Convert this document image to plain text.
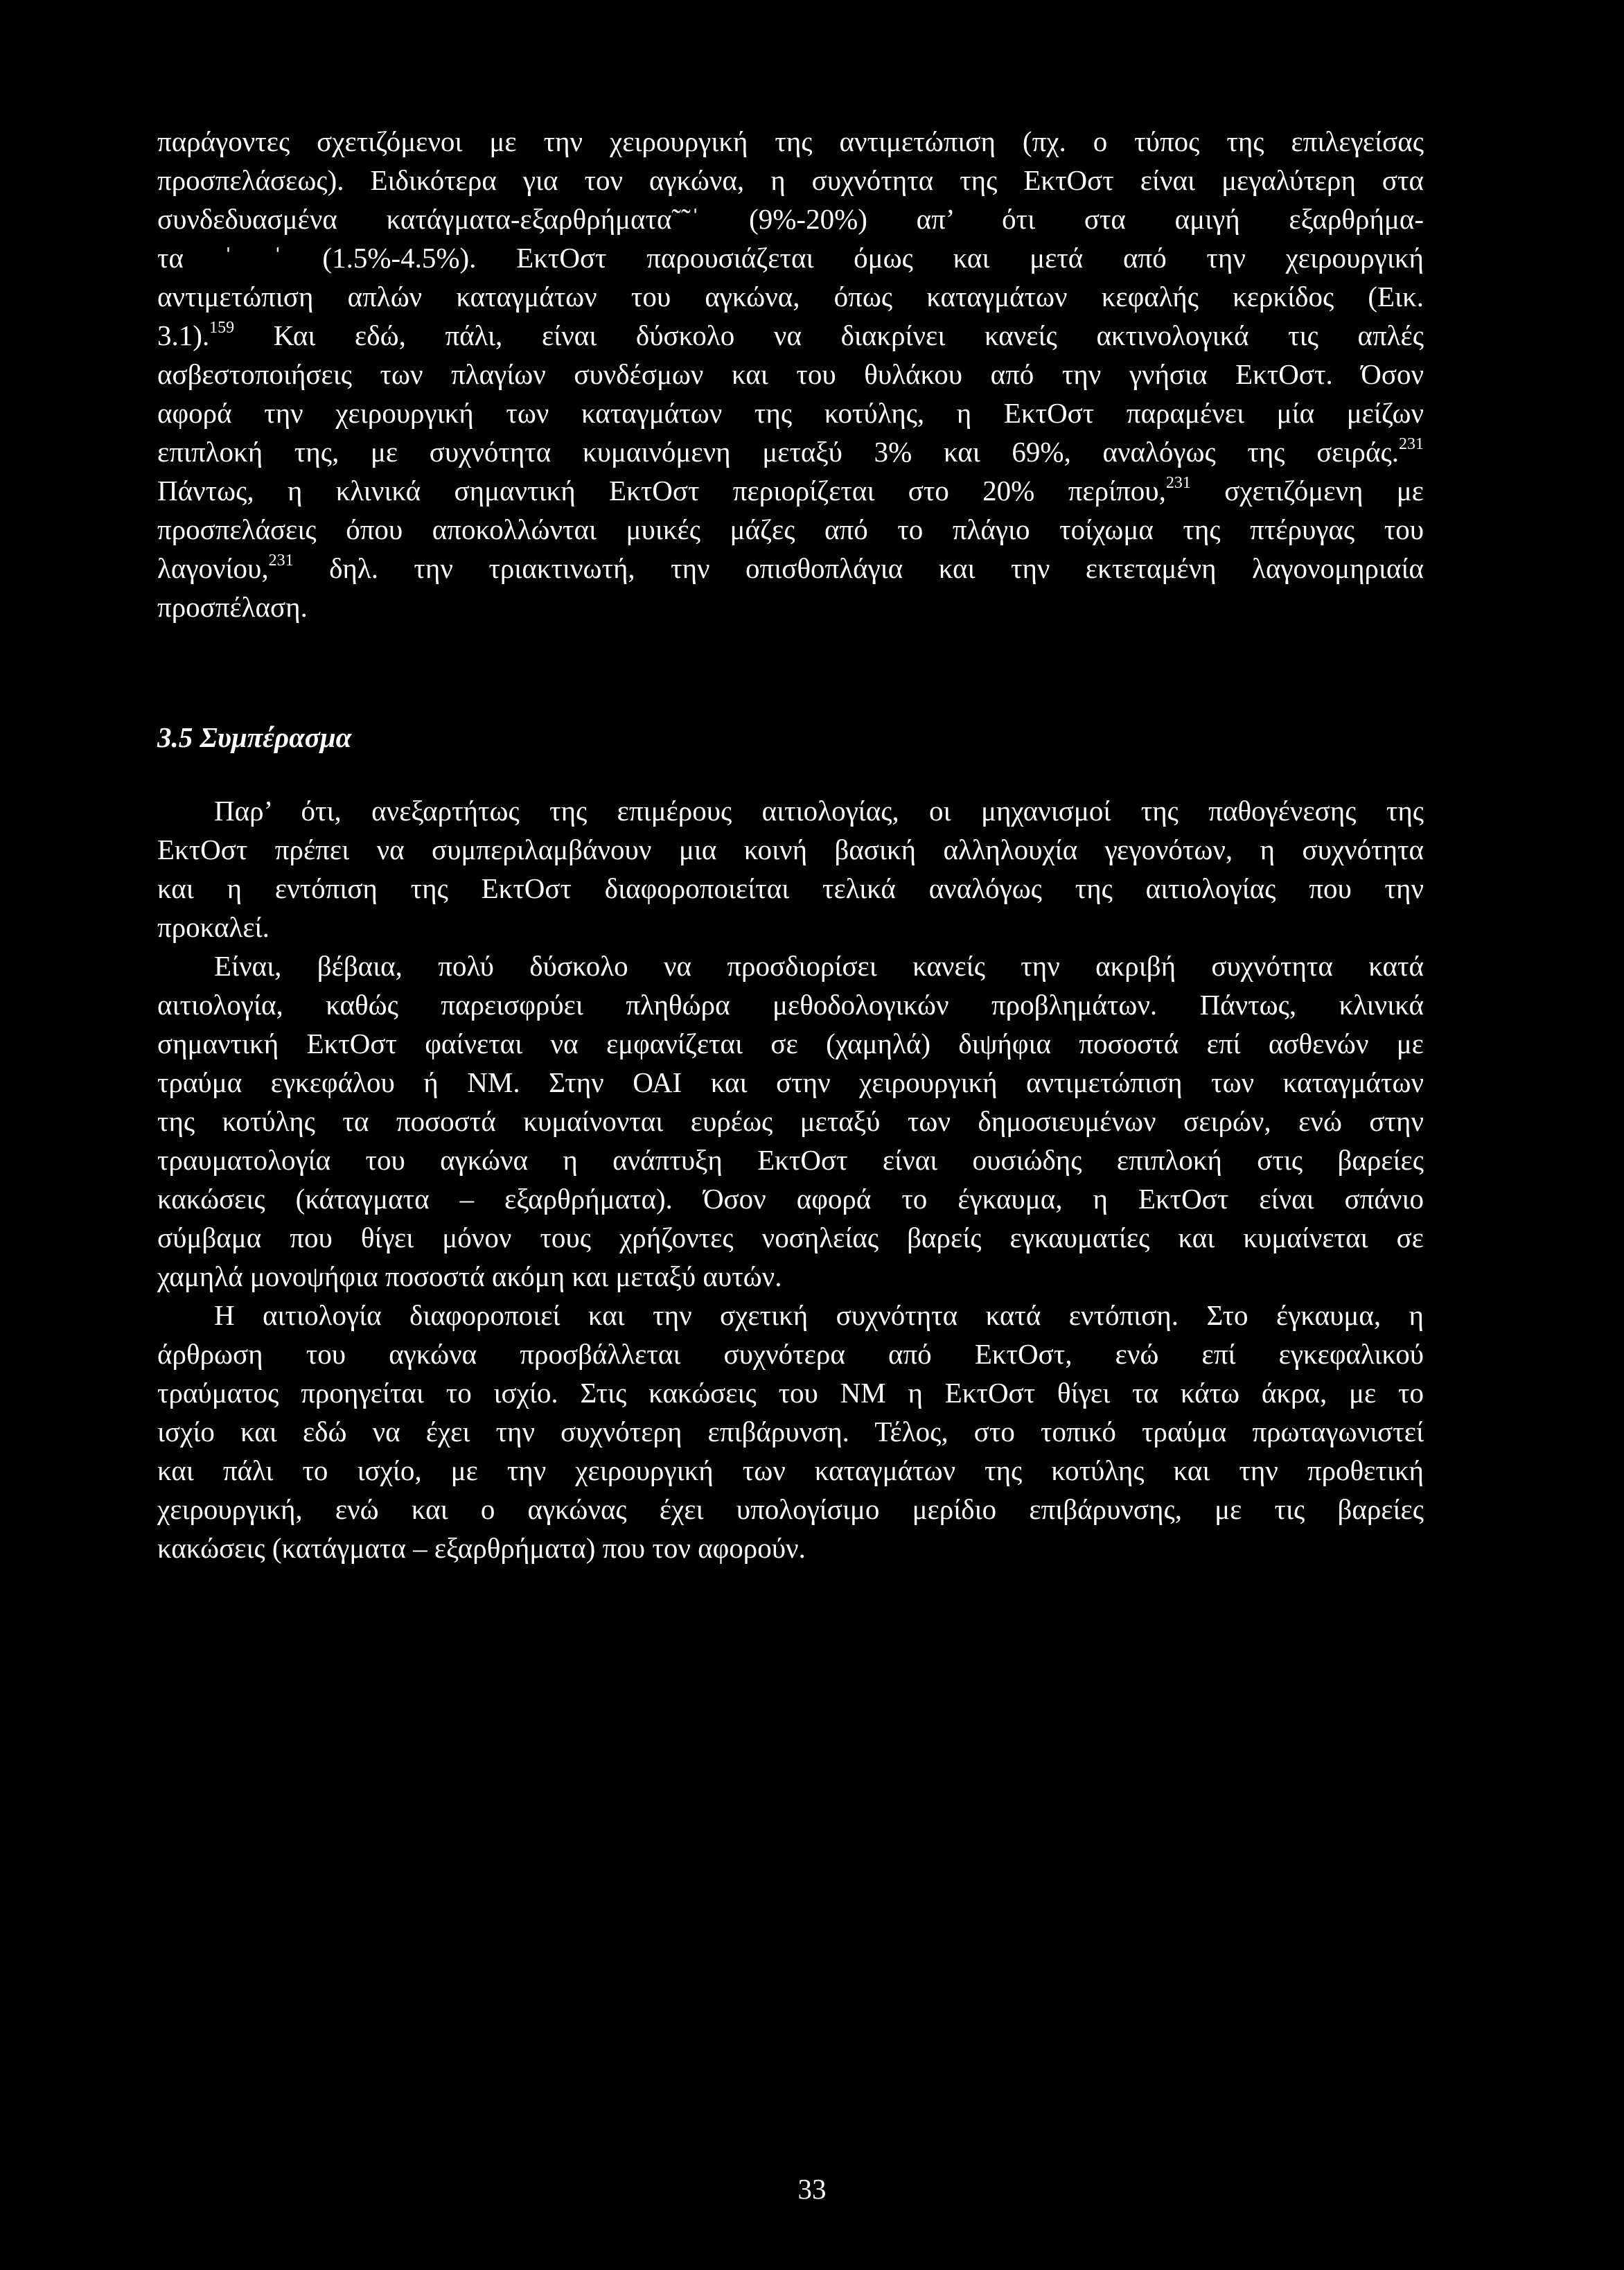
παράγοντες σχετιζόμενοι με την χειρουργική της αντιμετώπιση (πχ. ο τύπος της επιλεγείσας
προσπελάσεως). Ειδικότερα για τον αγκώνα, η συχνότητα της ΕκτΟστ είναι μεγαλύτερη στα
συνδεδυασμένα κατάγματα-εξαρθρήματα˜˜ˈ (9%-20%) απ’ ότι στα αμιγή εξαρθρήμα-
τα ˈ ˈ (1.5%-4.5%). ΕκτΟστ παρουσιάζεται όμως και μετά από την χειρουργική
αντιμετώπιση απλών καταγμάτων του αγκώνα, όπως καταγμάτων κεφαλής κερκίδος (Εικ.
3.1).$^{159}$ Και εδώ, πάλι, είναι δύσκολο να διακρίνει κανείς ακτινολογικά τις απλές
ασβεστοποιήσεις των πλαγίων συνδέσμων και του θυλάκου από την γνήσια ΕκτΟστ. Όσον
αφορά την χειρουργική των καταγμάτων της κοτύλης, η ΕκτΟστ παραμένει μία μείζων
επιπλοκή της, με συχνότητα κυμαινόμενη μεταξύ 3% και 69%, αναλόγως της σειράς.$^{231}$
Πάντως, η κλινικά σημαντική ΕκτΟστ περιορίζεται στο 20% περίπου,$^{231}$ σχετιζόμενη με
προσπελάσεις όπου αποκολλώνται μυικές μάζες από το πλάγιο τοίχωμα της πτέρυγας του
λαγονίου,$^{231}$ δηλ. την τριακτινωτή, την οπισθοπλάγια και την εκτεταμένη λαγονομηριαία
προσπέλαση.
3.5 Συμπέρασμα
Παρ’ ότι, ανεξαρτήτως της επιμέρους αιτιολογίας, οι μηχανισμοί της παθογένεσης της
ΕκτΟστ πρέπει να συμπεριλαμβάνουν μια κοινή βασική αλληλουχία γεγονότων, η συχνότητα
και η εντόπιση της ΕκτΟστ διαφοροποιείται τελικά αναλόγως της αιτιολογίας που την
προκαλεί.
Είναι, βέβαια, πολύ δύσκολο να προσδιορίσει κανείς την ακριβή συχνότητα κατά
αιτιολογία, καθώς παρεισφρύει πληθώρα μεθοδολογικών προβλημάτων. Πάντως, κλινικά
σημαντική ΕκτΟστ φαίνεται να εμφανίζεται σε (χαμηλά) διψήφια ποσοστά επί ασθενών με
τραύμα εγκεφάλου ή ΝΜ. Στην ΟΑΙ και στην χειρουργική αντιμετώπιση των καταγμάτων
της κοτύλης τα ποσοστά κυμαίνονται ευρέως μεταξύ των δημοσιευμένων σειρών, ενώ στην
τραυματολογία του αγκώνα η ανάπτυξη ΕκτΟστ είναι ουσιώδης επιπλοκή στις βαρείες
κακώσεις (κάταγματα – εξαρθρήματα). Όσον αφορά το έγκαυμα, η ΕκτΟστ είναι σπάνιο
σύμβαμα που θίγει μόνον τους χρήζοντες νοσηλείας βαρείς εγκαυματίες και κυμαίνεται σε
χαμηλά μονοψήφια ποσοστά ακόμη και μεταξύ αυτών.
Η αιτιολογία διαφοροποιεί και την σχετική συχνότητα κατά εντόπιση. Στο έγκαυμα, η
άρθρωση του αγκώνα προσβάλλεται συχνότερα από ΕκτΟστ, ενώ επί εγκεφαλικού
τραύματος προηγείται το ισχίο. Στις κακώσεις του ΝΜ η ΕκτΟστ θίγει τα κάτω άκρα, με το
ισχίο και εδώ να έχει την συχνότερη επιβάρυνση. Τέλος, στο τοπικό τραύμα πρωταγωνιστεί
και πάλι το ισχίο, με την χειρουργική των καταγμάτων της κοτύλης και την προθετική
χειρουργική, ενώ και ο αγκώνας έχει υπολογίσιμο μερίδιο επιβάρυνσης, με τις βαρείες
κακώσεις (κατάγματα – εξαρθρήματα) που τον αφορούν.
33
